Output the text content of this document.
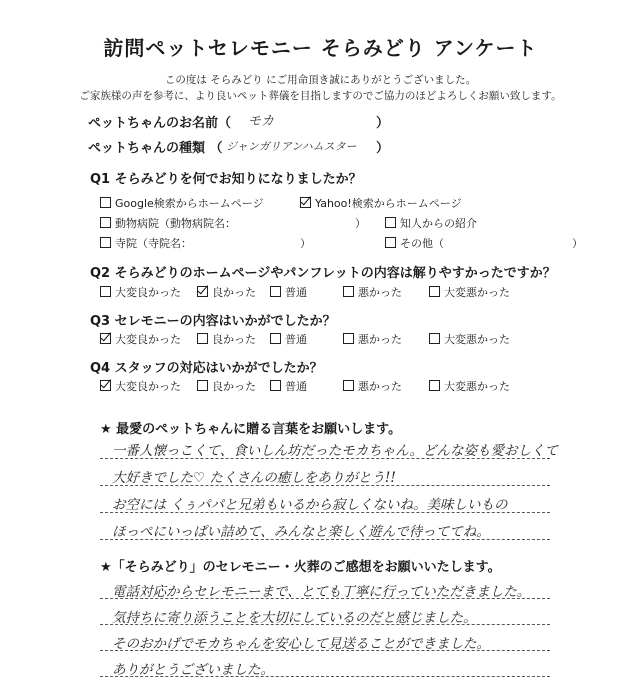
訪問ペットセレモニー そらみどり アンケート
この度は そらみどり にご用命頂き誠にありがとうございました。
ご家族様の声を参考に、より良いペット葬儀を目指しますのでご協力のほどよろしくお願い致します。
ペットちゃんのお名前（ モカ	）
ペットちゃんの種類 （ ジャンガリアンハムスター ）
Q1 そらみどりを何でお知りになりましたか？
Google検索からホームページ	Yahoo!検索からホームページ
動物病院（動物病院名：	）	知人からの紹介
寺院（寺院名：	）	その他（	）
Q2 そらみどりのホームページやパンフレットの内容は解りやすかったですか？
大変良かった	良かった	普通	悪かった	大変悪かった
Q3 セレモニーの内容はいかがでしたか？
大変良かった	良かった	普通	悪かった	大変悪かった
Q4 スタッフの対応はいかがでしたか？
大変良かった	良かった	普通	悪かった	大変悪かった
★ 最愛のペットちゃんに贈る言葉をお願いします。
一番人懐っこくて、食いしん坊だったモカちゃん。どんな姿も愛おしくて
大好きでした♡ たくさんの癒しをありがとう!!
お空には くぅパパと兄弟もいるから寂しくないね。美味しいもの
ほっぺにいっぱい詰めて、みんなと楽しく遊んで待っててね。
★「そらみどり」のセレモニー・火葬のご感想をお願いいたします。
電話対応からセレモニーまで、とても丁寧に行っていただきました。
気持ちに寄り添うことを大切にしているのだと感じました。
そのおかげでモカちゃんを安心して見送ることができました。
ありがとうございました。
